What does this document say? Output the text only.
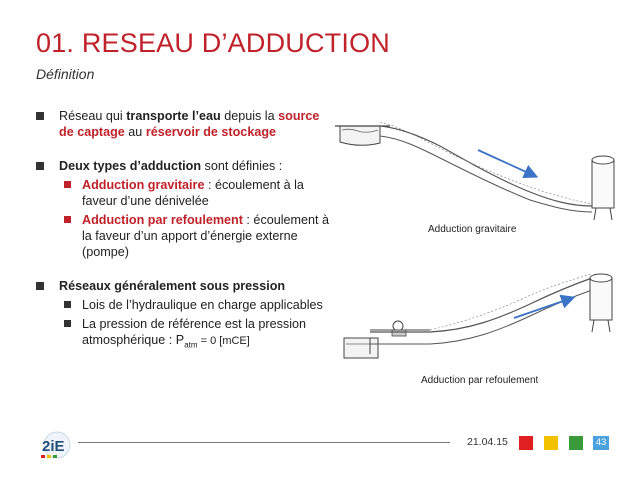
01. RESEAU D’ADDUCTION
Définition
Réseau qui transporte l’eau depuis la source de captage au réservoir de stockage
Deux types d’adduction sont définies :
Adduction gravitaire : écoulement à la faveur d’une dénivelée
Adduction par refoulement : écoulement à la faveur d’un apport d’énergie externe (pompe)
Réseaux généralement sous pression
Lois de l’hydraulique en charge applicables
La pression de référence est la pression atmosphérique : $P_{atm} = 0$ [mCE]
Adduction gravitaire
Adduction par refoulement
2iE	21.04.15	43
